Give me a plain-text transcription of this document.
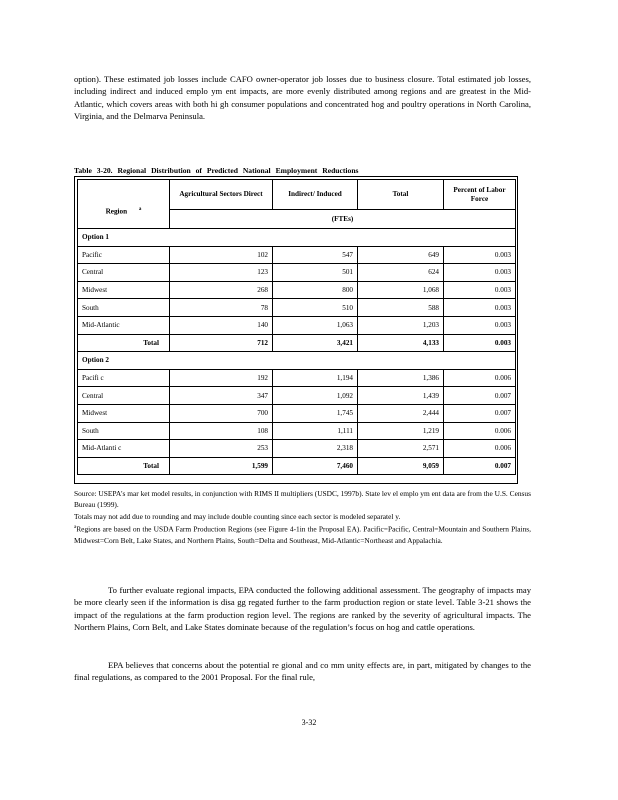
option). These estimated job losses include CAFO owner-operator job losses due to business closure. Total estimated job losses, including indirect and induced emplo ym ent impacts, are more evenly distributed among regions and are greatest in the Mid-Atlantic, which covers areas with both hi gh consumer populations and concentrated hog and poultry operations in North Carolina, Virginia, and the Delmarva Peninsula.

Table 3-20. Regional Distribution of Predicted National Employment Reductions
Region $^a$	Agricultural Sectors Direct	Indirect/ Induced	Total	Percent of Labor Force
	(FTEs)			
Option 1				
Pacific	102	547	649	0.003
Central	123	501	624	0.003
Midwest	268	800	1,068	0.003
South	78	510	588	0.003
Mid-Atlantic	140	1,063	1,203	0.003
Total	712	3,421	4,133	0.003
Option 2				
Pacifi c	192	1,194	1,386	0.006
Central	347	1,092	1,439	0.007
Midwest	700	1,745	2,444	0.007
South	108	1,111	1,219	0.006
Mid-Atlanti c	253	2,318	2,571	0.006
Total	1,599	7,460	9,059	0.007

Source: USEPA's mar ket model results, in conjunction with RIMS II multipliers (USDC, 1997b). State lev el emplo ym ent data are from the U.S. Census Bureau (1999).

Totals may not add due to rounding and may include double counting since each sector is modeled separatel y.

$^a$Regions are based on the USDA Farm Production Regions (see Figure 4-1in the Proposal EA). Pacific=Pacific, Central=Mountain and Southern Plains, Midwest=Corn Belt, Lake States, and Northern Plains, South=Delta and Southeast, Mid-Atlantic=Northeast and Appalachia.

To further evaluate regional impacts, EPA conducted the following additional assessment. The geography of impacts may be more clearly seen if the information is disa gg regated further to the farm production region or state level. Table 3-21 shows the impact of the regulations at the farm production region level. The regions are ranked by the severity of agricultural impacts. The Northern Plains, Corn Belt, and Lake States dominate because of the regulation’s focus on hog and cattle operations.

EPA believes that concerns about the potential re gional and co mm unity effects are, in part, mitigated by changes to the final regulations, as compared to the 2001 Proposal. For the final rule,

3-32
